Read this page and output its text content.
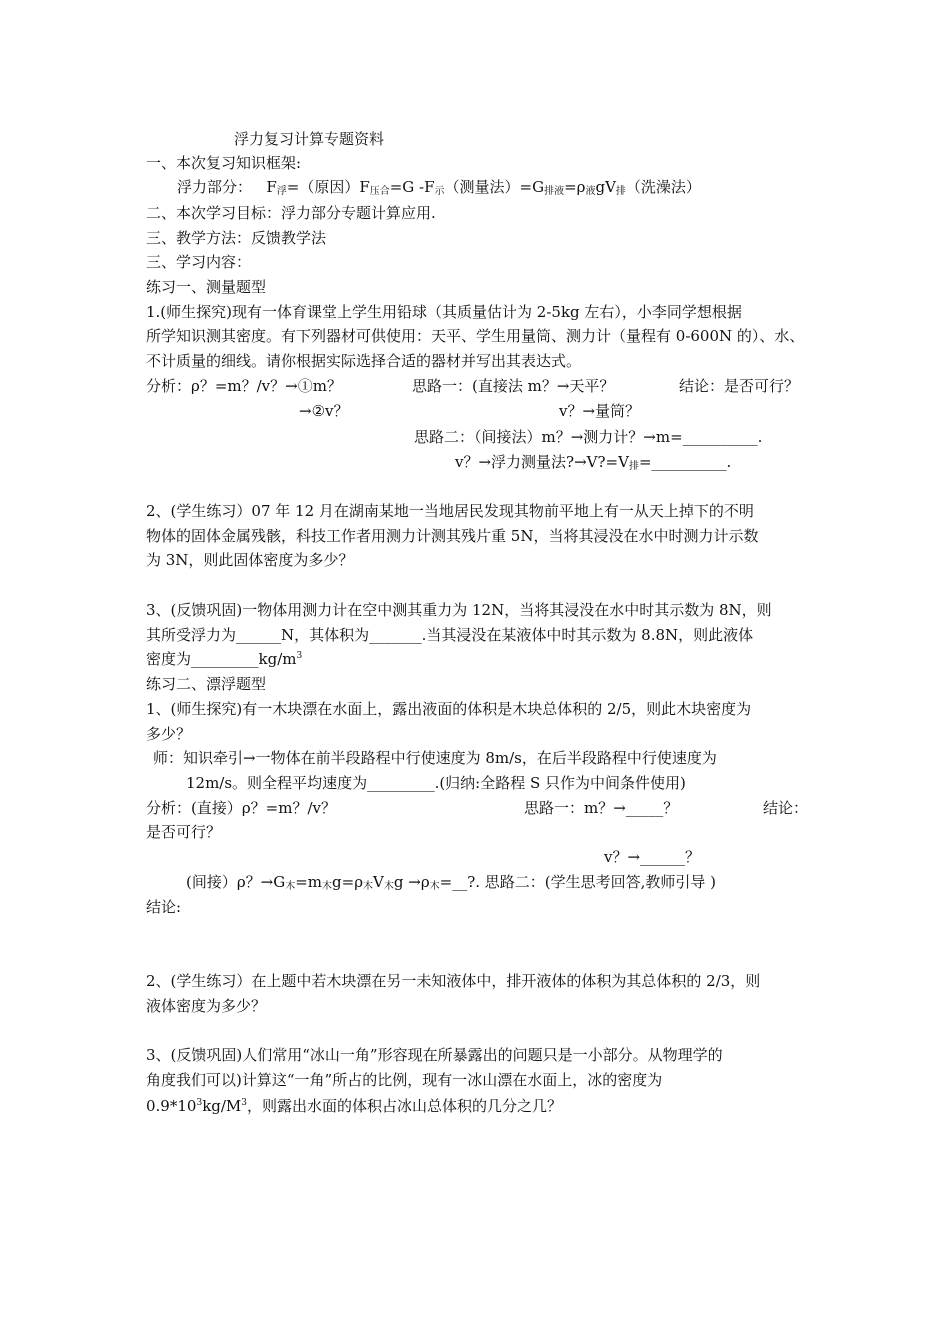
浮力复习计算专题资料
一、本次复习知识框架:
浮力部分： F浮=（原因）F压合=G -F示（测量法）=G排液=ρ液gV排（洗澡法）
二、本次学习目标：浮力部分专题计算应用.
三、教学方法：反馈教学法
三、学习内容：
练习一、测量题型
1.(师生探究)现有一体育课堂上学生用铅球（其质量估计为 2-5kg 左右），小李同学想根据
所学知识测其密度。有下列器材可供使用：天平、学生用量筒、测力计（量程有 0-600N 的）、水、
不计质量的细线。请你根据实际选择合适的器材并写出其表达式。
分析：ρ？=m？/v？→①m？	思路一：(直接法 m？→天平？	结论：是否可行？
→②v？	v？→量筒？
思路二：（间接法）m？→测力计？→m=__________.
v？→浮力测量法?→V?=V排=__________.
2、(学生练习）07 年 12 月在湖南某地一当地居民发现其物前平地上有一从天上掉下的不明
物体的固体金属残骸，科技工作者用测力计测其残片重 5N，当将其浸没在水中时测力计示数
为 3N，则此固体密度为多少？
3、(反馈巩固)一物体用测力计在空中测其重力为 12N，当将其浸没在水中时其示数为 8N，则
其所受浮力为______N，其体积为_______.当其浸没在某液体中时其示数为 8.8N，则此液体
密度为$\_\_\_\_\_\_\_\_\_kg/m^3$
练习二、漂浮题型
1、(师生探究)有一木块漂在水面上，露出液面的体积是木块总体积的 2/5，则此木块密度为
多少？
师：知识牵引→一物体在前半段路程中行使速度为 8m/s，在后半段路程中行使速度为
12m/s。则全程平均速度为_________.(归纳:全路程 S 只作为中间条件使用)
分析：(直接）ρ？=m？/v？	思路一：m？→_____？	结论：
是否可行？
v？→______？
(间接）ρ？→G木=m木g=ρ木V木g →ρ木=__?. 思路二：(学生思考回答,教师引导 )
结论:
2、(学生练习）在上题中若木块漂在另一未知液体中，排开液体的体积为其总体积的 2/3，则
液体密度为多少？
3、(反馈巩固)人们常用“冰山一角”形容现在所暴露出的问题只是一小部分。从物理学的
角度我们可以)计算这“一角”所占的比例，现有一冰山漂在水面上，冰的密度为
$0.9*10^3kg/M^3$，则露出水面的体积占冰山总体积的几分之几？
